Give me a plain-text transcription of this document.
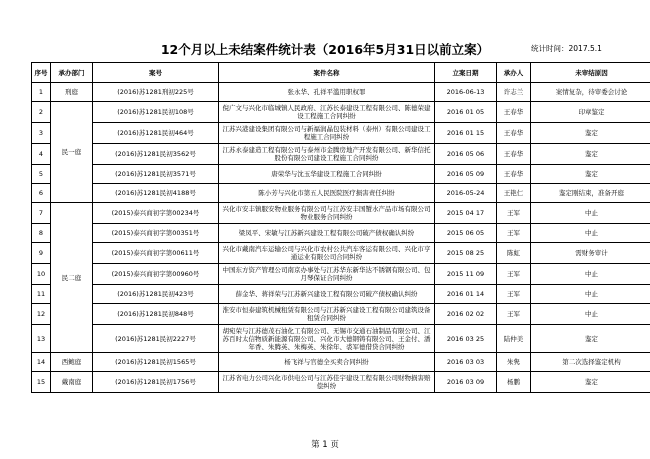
12个月以上未结案件统计表（2016年5月31日以前立案）	统计时间：2017.5.1
序号	承办部门	案号	案件名称	立案日期	承办人	未审结原因
1	刑庭	(2016)苏1281刑初225号	张永华、孔祥平滥用职权罪	2016-06-13	许志兰	案情复杂，待审委会讨论
2	民一庭	(2016)苏1281民初108号	倪广文与兴化市临城镇人民政府、江苏长泰建设工程有限公司、陈德荣建设工程施工合同纠纷	2016 01 05	王春华	印章鉴定
3		(2016)苏1281民初464号	江苏兴港建设集团有限公司与新福润晶包装材料（泰州）有限公司建设工程施工合同纠纷	2016 01 15	王春华	鉴定
4		(2016)苏1281民初3562号	江苏永泰建造工程有限公司与泰州市金腾房地产开发有限公司、新华信托股份有限公司建设工程施工合同纠纷	2016 05 06	王春华	鉴定
5		(2016)苏1281民初3571号	唐荣华与沈玉华建设工程施工合同纠纷	2016 05 09	王春华	鉴定
6		(2016)苏1281民初4188号	陈小芳与兴化市第五人民医院医疗损害责任纠纷	2016-05-24	王艳仁	鉴定刚结束，准备开庭
7	民二庭	(2015)泰兴商初字第00234号	兴化市安丰镇服安物业服务有限公司与江苏安丰国蟹水产品市场有限公司物业服务合同纠纷	2015 04 17	王军	中止
8		(2015)泰兴商初字第00351号	梁凤平、宋敏与江苏新兴建设工程有限公司破产债权确认纠纷	2015 06 05	王军	中止
9		(2015)泰兴商初字第00611号	兴化市戴南汽车运输公司与兴化市农村公共汽车客运有限公司、兴化市亨通运业有限公司合同纠纷	2015 08 25	陈虹	需财务审计
10		(2015)泰兴商初字第00960号	中国东方资产管理公司南京办事处与江苏华东新华达不锈钢有限公司、包月琴保证合同纠纷	2015 11 09	王军	中止
11		(2016)苏1281民初423号	薛金华、蒋祥荣与江苏新兴建设工程有限公司破产债权确认纠纷	2016 01 14	王军	中止
12		(2016)苏1281民初848号	淮安市恒泰建筑机械租赁有限公司与江苏新兴建设工程有限公司建筑设备租赁合同纠纷	2016 02 02	王军	中止
13		(2016)苏1281民初2227号	胡宛荣与江苏德茂石油化工有限公司、无锡市交通石油制品有限公司、江苏百时太信物质新能源有限公司、兴化市大德钢铸有限公司、王金付、潘年香、朱腾英、朱梅英、朱徐年、裘军德借贷合同纠纷	2016 03 25	陆仲美	鉴定
14	西鲍庭	(2016)苏1281民初1565号	杨飞祥与官德全买卖合同纠纷	2016 03 03	朱隽	第二次选择鉴定机构
15	戴南庭	(2016)苏1281民初1756号	江苏省电力公司兴化市供电公司与江苏佳宇建设工程有限公司财物损害赔偿纠纷	2016 03 09	杨鹏	鉴定
第 1 页
